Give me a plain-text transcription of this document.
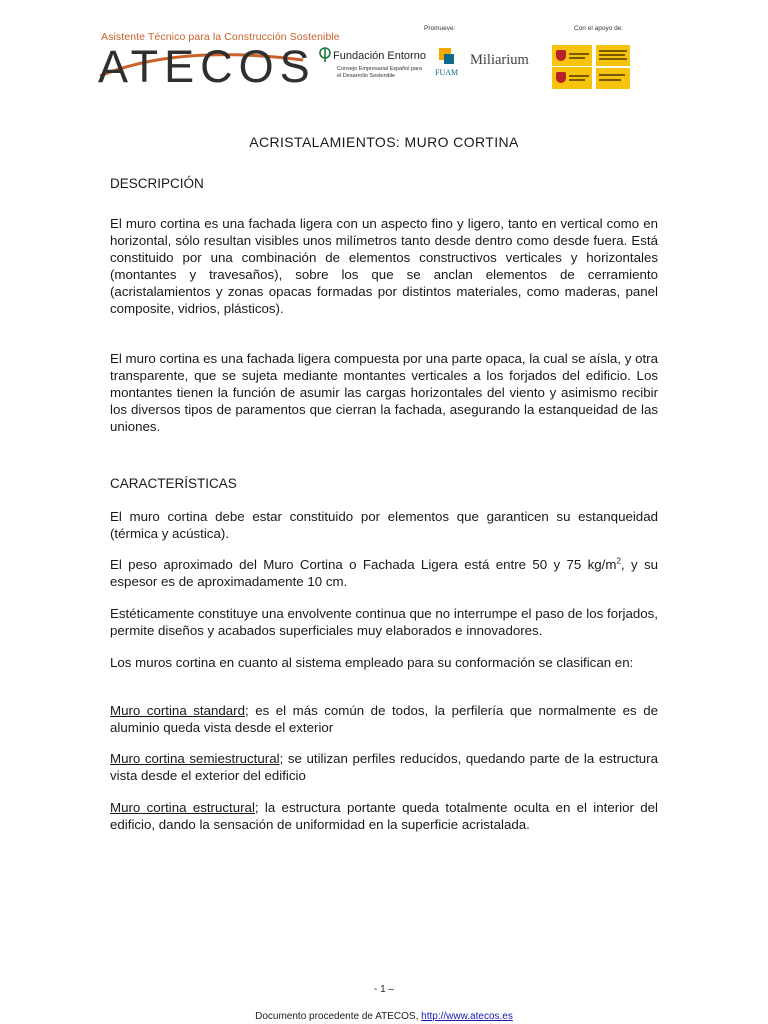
Asistente Técnico para la Construcción Sostenible
ATECOS
Promueve:	Con el apoyo de:
Fundación Entorno
Consejo Empresarial Español para el Desarrollo Sostenible	FUAM
Miliarium
ACRISTALAMIENTOS: MURO CORTINA
DESCRIPCIÓN

El muro cortina es una fachada ligera con un aspecto fino y ligero, tanto en vertical como en horizontal, sólo resultan visibles unos milímetros tanto desde dentro como desde fuera. Está constituido por una combinación de elementos constructivos verticales y horizontales (montantes y travesaños), sobre los que se anclan elementos de cerramiento (acristalamientos y zonas opacas formadas por distintos materiales, como maderas, panel composite, vidrios, plásticos).

El muro cortina es una fachada ligera compuesta por una parte opaca, la cual se aísla, y otra transparente, que se sujeta mediante montantes verticales a los forjados del edificio. Los montantes tienen la función de asumir las cargas horizontales del viento y asimismo recibir los diversos tipos de paramentos que cierran la fachada, asegurando la estanqueidad de las uniones.

CARACTERÍSTICAS

El muro cortina debe estar constituido por elementos que garanticen su estanqueidad (térmica y acústica).

El peso aproximado del Muro Cortina o Fachada Ligera está entre 50 y 75 $kg/m^2$, y su espesor es de aproximadamente 10 cm.

Estéticamente constituye una envolvente continua que no interrumpe el paso de los forjados, permite diseños y acabados superficiales muy elaborados e innovadores.

Los muros cortina en cuanto al sistema empleado para su conformación se clasifican en:

Muro cortina standard; es el más común de todos, la perfilería que normalmente es de aluminio queda vista desde el exterior

Muro cortina semiestructural; se utilizan perfiles reducidos, quedando parte de la estructura vista desde el exterior del edificio

Muro cortina estructural; la estructura portante queda totalmente oculta en el interior del edificio, dando la sensación de uniformidad en la superficie acristalada.

- 1 –
Documento procedente de ATECOS, http://www.atecos.es
